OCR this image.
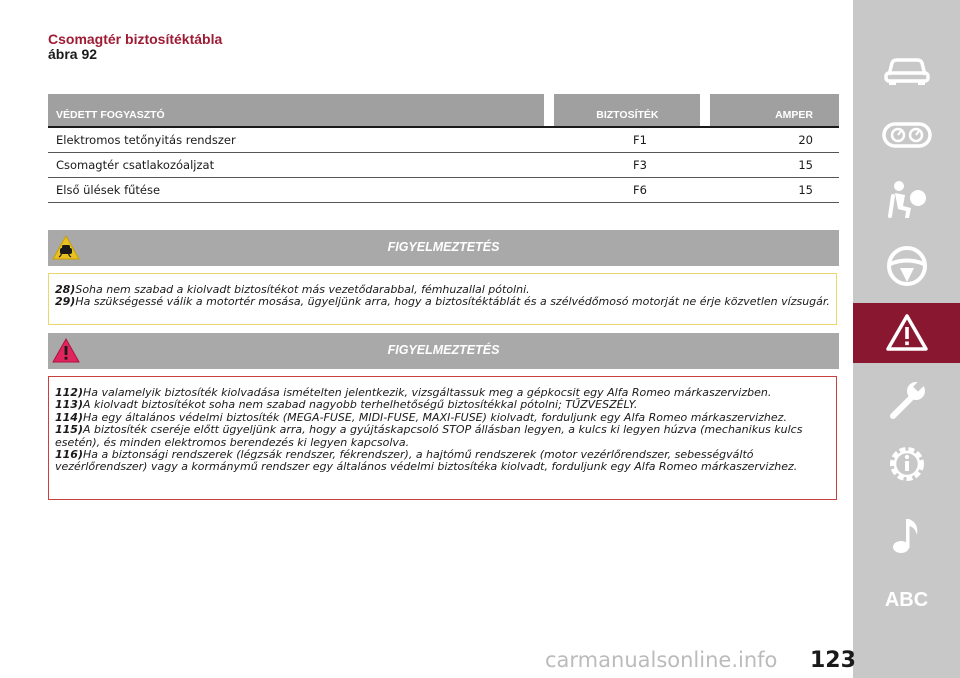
Csomagtér biztosítéktábla
ábra 92
VÉDETT FOGYASZTÓ	BIZTOSÍTÉK	AMPER
Elektromos tetőnyitás rendszer	F1	20
Csomagtér csatlakozóaljzat	F3	15
Első ülések fűtése	F6	15
FIGYELMEZTETÉS

28)Soha nem szabad a kiolvadt biztosítékot más vezetődarabbal, fémhuzallal pótolni.

29)Ha szükségessé válik a motortér mosása, ügyeljünk arra, hogy a biztosítéktáblát és a szélvédőmosó motorját ne érje közvetlen vízsugár.

FIGYELMEZTETÉS

112)Ha valamelyik biztosíték kiolvadása ismételten jelentkezik, vizsgáltassuk meg a gépkocsit egy Alfa Romeo márkaszervizben.

113)A kiolvadt biztosítékot soha nem szabad nagyobb terhelhetőségű biztosítékkal pótolni; TŰZVESZÉLY.

114)Ha egy általános védelmi biztosíték (MEGA-FUSE, MIDI-FUSE, MAXI-FUSE) kiolvadt, forduljunk egy Alfa Romeo márkaszervizhez.

115)A biztosíték cseréje előtt ügyeljünk arra, hogy a gyújtáskapcsoló STOP állásban legyen, a kulcs ki legyen húzva (mechanikus kulcs esetén), és minden elektromos berendezés ki legyen kapcsolva.

116)Ha a biztonsági rendszerek (légzsák rendszer, fékrendszer), a hajtómű rendszerek (motor vezérlőrendszer, sebességváltó vezérlőrendszer) vagy a kormánymű rendszer egy általános védelmi biztosítéka kiolvadt, forduljunk egy Alfa Romeo márkaszervizhez.

ABC
carmanualsonline.info 123
